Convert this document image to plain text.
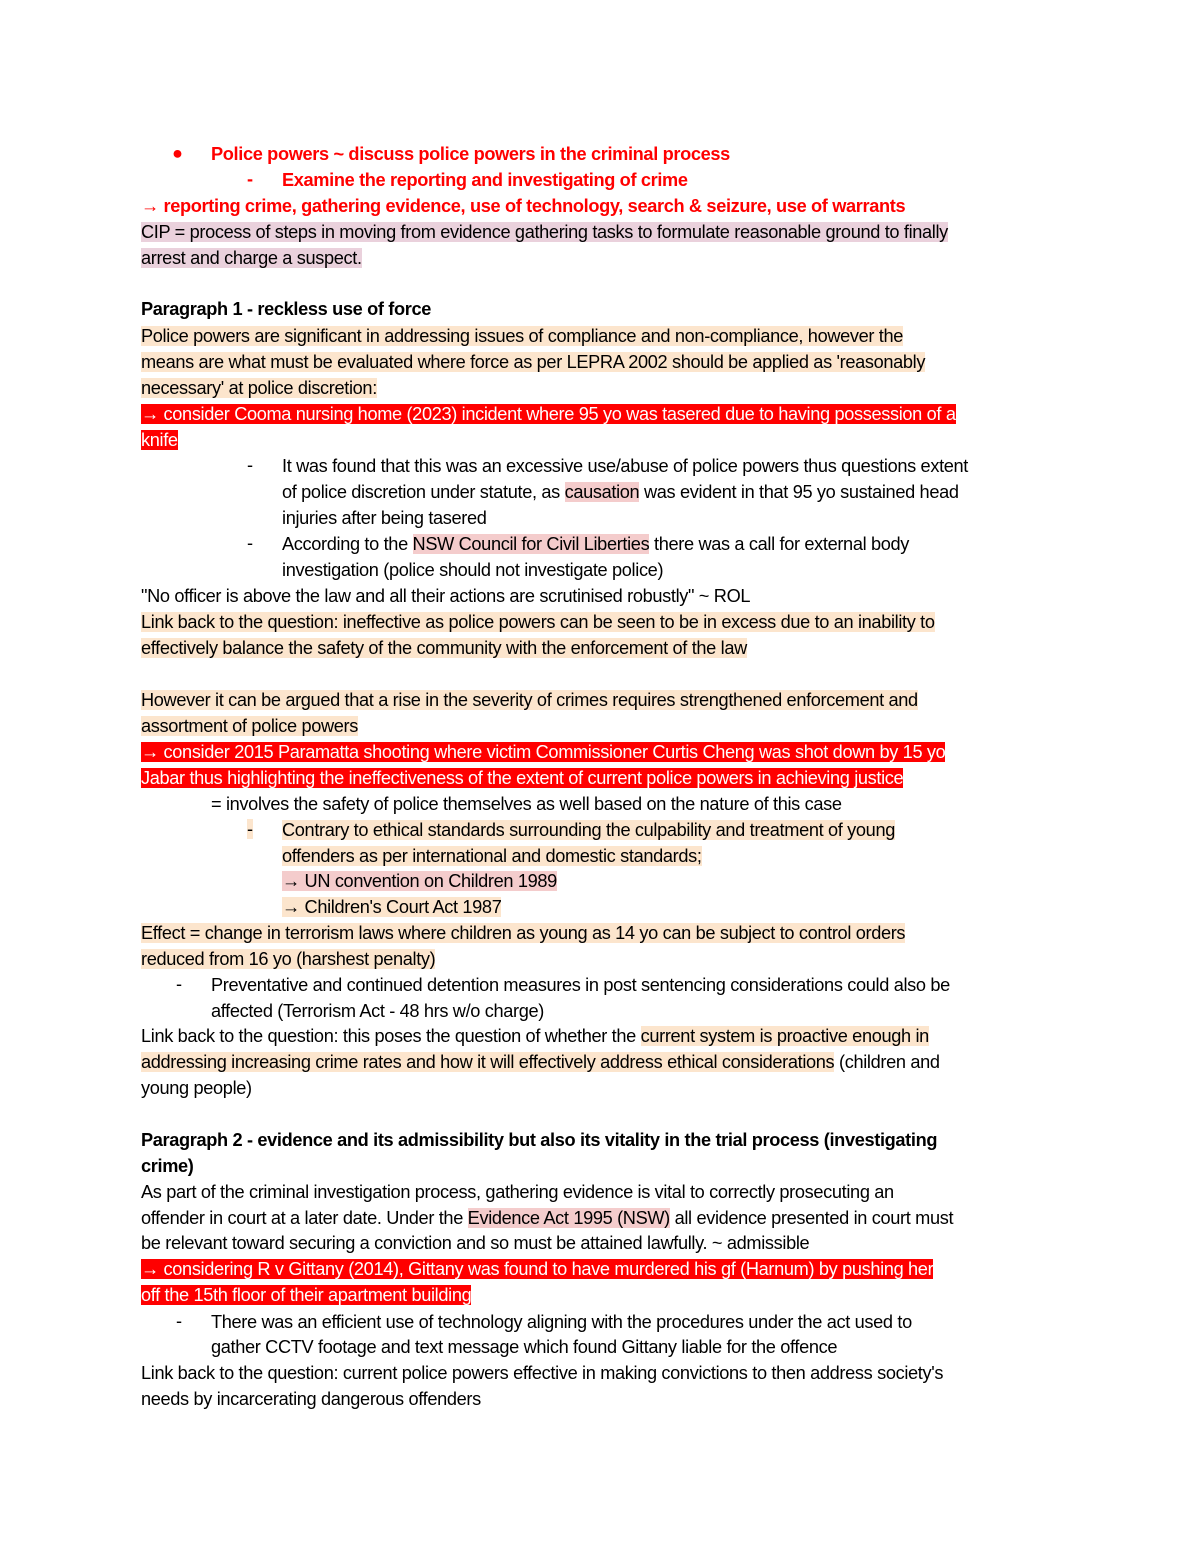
● Police powers ~ discuss police powers in the criminal process
- Examine the reporting and investigating of crime
→ reporting crime, gathering evidence, use of technology, search & seizure, use of warrants
CIP = process of steps in moving from evidence gathering tasks to formulate reasonable ground to finally
arrest and charge a suspect.
Paragraph 1 - reckless use of force
Police powers are significant in addressing issues of compliance and non-compliance, however the
means are what must be evaluated where force as per LEPRA 2002 should be applied as 'reasonably
necessary' at police discretion:
→ consider Cooma nursing home (2023) incident where 95 yo was tasered due to having possession of a
knife
- It was found that this was an excessive use/abuse of police powers thus questions extent
of police discretion under statute, as causation was evident in that 95 yo sustained head
injuries after being tasered
- According to the NSW Council for Civil Liberties there was a call for external body
investigation (police should not investigate police)
"No officer is above the law and all their actions are scrutinised robustly" ~ ROL
Link back to the question: ineffective as police powers can be seen to be in excess due to an inability to
effectively balance the safety of the community with the enforcement of the law
However it can be argued that a rise in the severity of crimes requires strengthened enforcement and
assortment of police powers
→ consider 2015 Paramatta shooting where victim Commissioner Curtis Cheng was shot down by 15 yo
Jabar thus highlighting the ineffectiveness of the extent of current police powers in achieving justice
= involves the safety of police themselves as well based on the nature of this case
- Contrary to ethical standards surrounding the culpability and treatment of young
offenders as per international and domestic standards;
→ UN convention on Children 1989
→ Children's Court Act 1987
Effect = change in terrorism laws where children as young as 14 yo can be subject to control orders
reduced from 16 yo (harshest penalty)
- Preventative and continued detention measures in post sentencing considerations could also be
affected (Terrorism Act - 48 hrs w/o charge)
Link back to the question: this poses the question of whether the current system is proactive enough in
addressing increasing crime rates and how it will effectively address ethical considerations (children and
young people)
Paragraph 2 - evidence and its admissibility but also its vitality in the trial process (investigating
crime)
As part of the criminal investigation process, gathering evidence is vital to correctly prosecuting an
offender in court at a later date. Under the Evidence Act 1995 (NSW) all evidence presented in court must
be relevant toward securing a conviction and so must be attained lawfully. ~ admissible
→ considering R v Gittany (2014), Gittany was found to have murdered his gf (Harnum) by pushing her
off the 15th floor of their apartment building
- There was an efficient use of technology aligning with the procedures under the act used to
gather CCTV footage and text message which found Gittany liable for the offence
Link back to the question: current police powers effective in making convictions to then address society's
needs by incarcerating dangerous offenders
